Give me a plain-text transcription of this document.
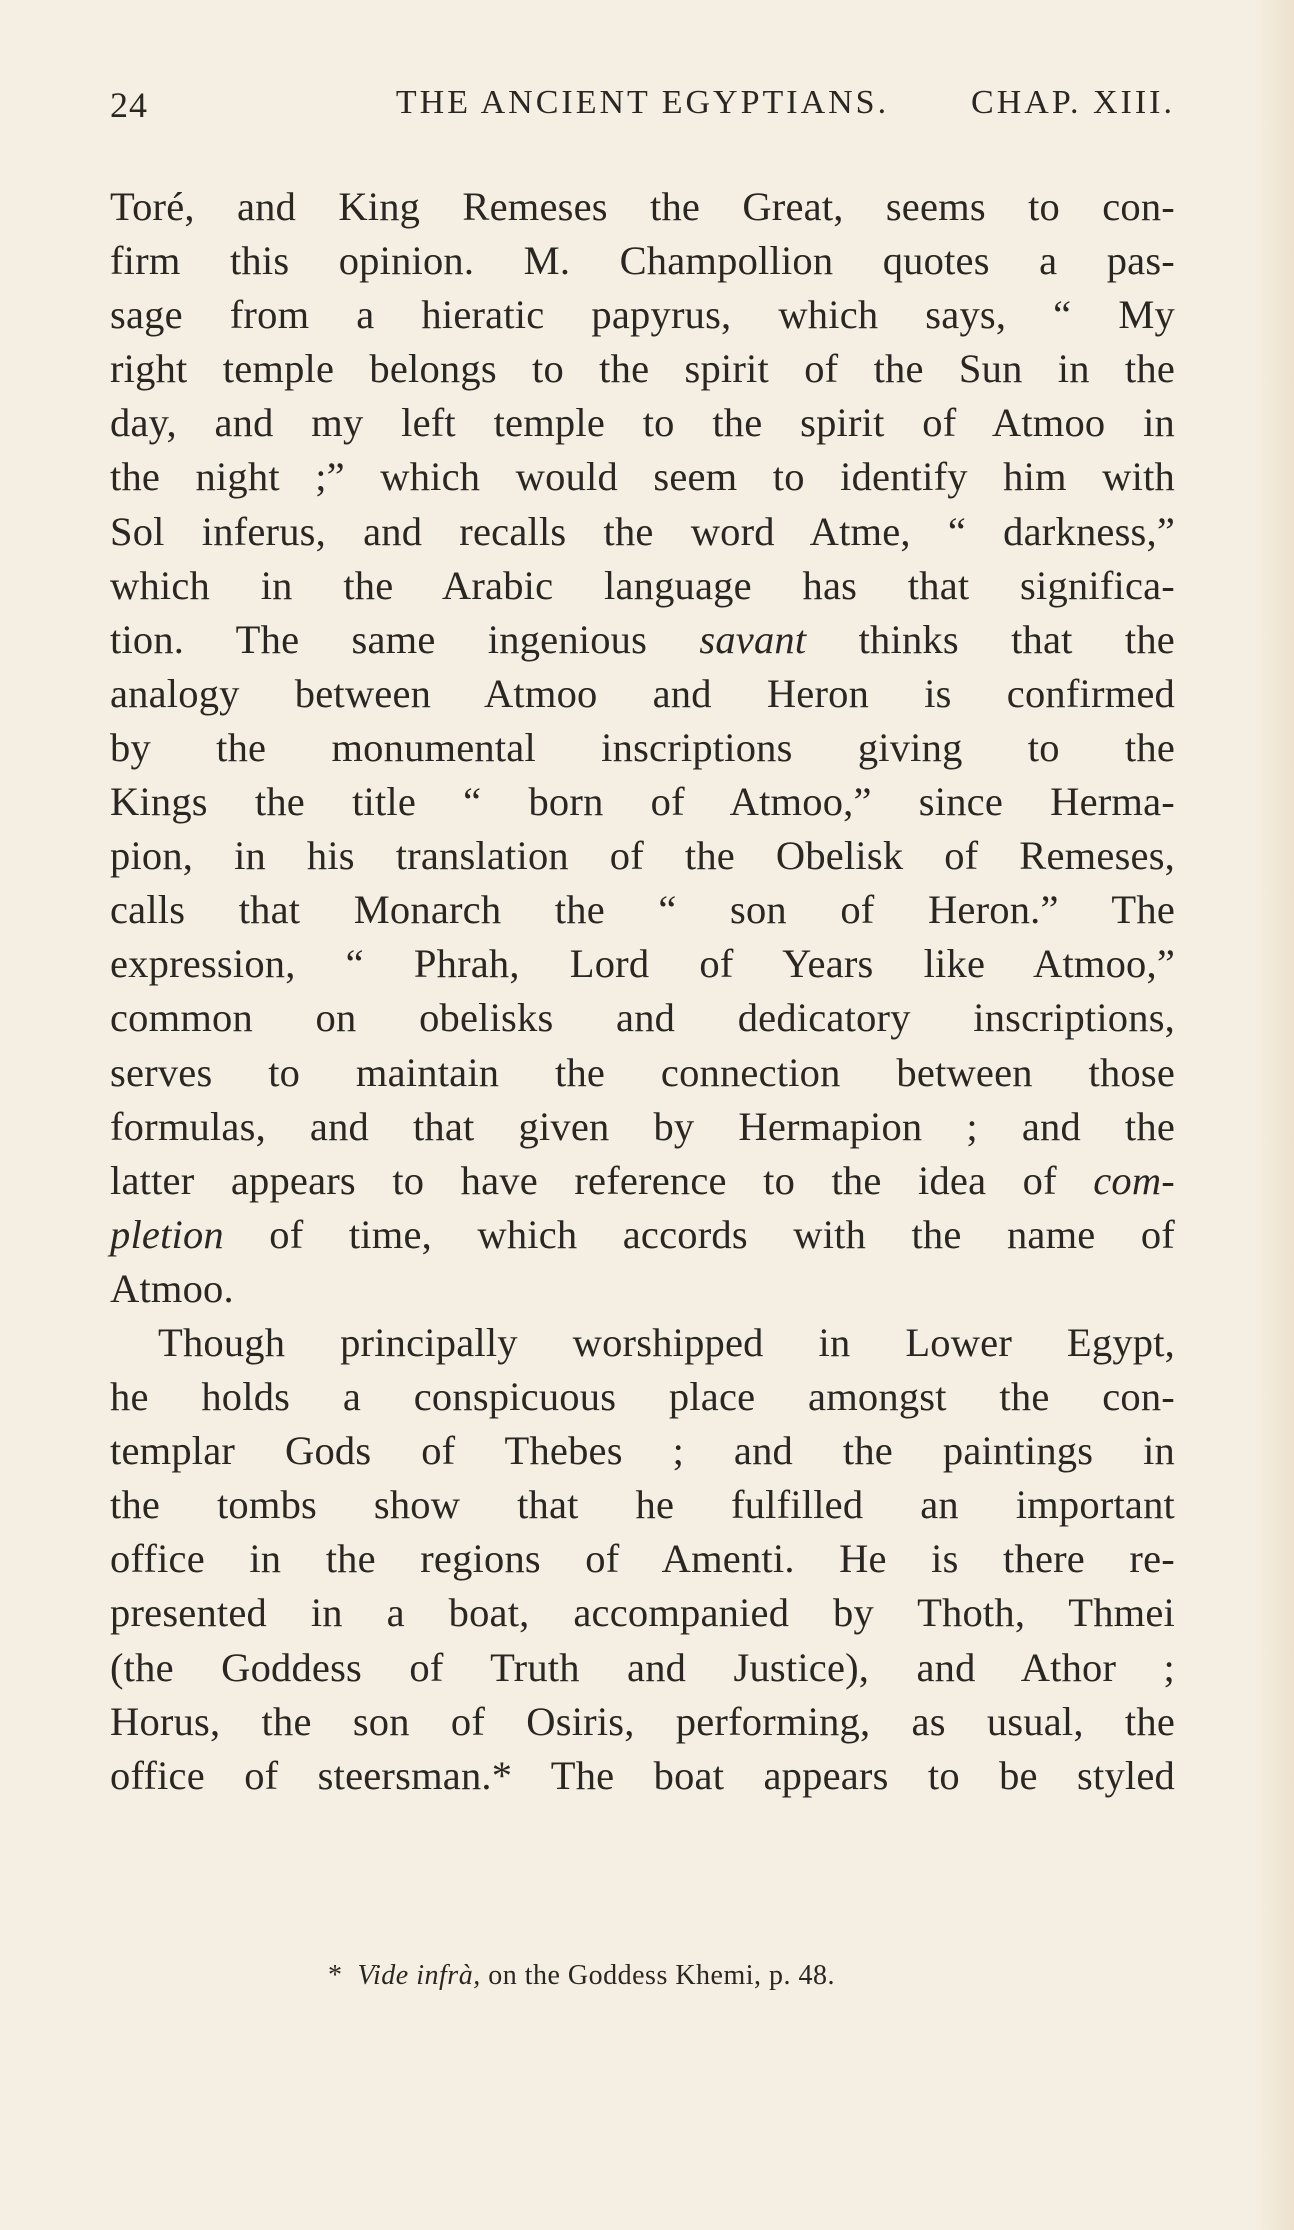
24	THE ANCIENT EGYPTIANS.	CHAP. XIII.
Toré, and King Remeses the Great, seems to con-
firm this opinion. M. Champollion quotes a pas-
sage from a hieratic papyrus, which says, “ My
right temple belongs to the spirit of the Sun in the
day, and my left temple to the spirit of Atmoo in
the night ;” which would seem to identify him with
Sol inferus, and recalls the word Atme, “ darkness,”
which in the Arabic language has that significa-
tion. The same ingenious savant thinks that the
analogy between Atmoo and Heron is confirmed
by the monumental inscriptions giving to the
Kings the title “ born of Atmoo,” since Herma-
pion, in his translation of the Obelisk of Remeses,
calls that Monarch the “ son of Heron.” The
expression, “ Phrah, Lord of Years like Atmoo,”
common on obelisks and dedicatory inscriptions,
serves to maintain the connection between those
formulas, and that given by Hermapion ; and the
latter appears to have reference to the idea of com-
pletion of time, which accords with the name of
Atmoo.
Though principally worshipped in Lower Egypt,
he holds a conspicuous place amongst the con-
templar Gods of Thebes ; and the paintings in
the tombs show that he fulfilled an important
office in the regions of Amenti. He is there re-
presented in a boat, accompanied by Thoth, Thmei
(the Goddess of Truth and Justice), and Athor ;
Horus, the son of Osiris, performing, as usual, the
office of steersman.* The boat appears to be styled
* Vide infrà, on the Goddess Khemi, p. 48.
